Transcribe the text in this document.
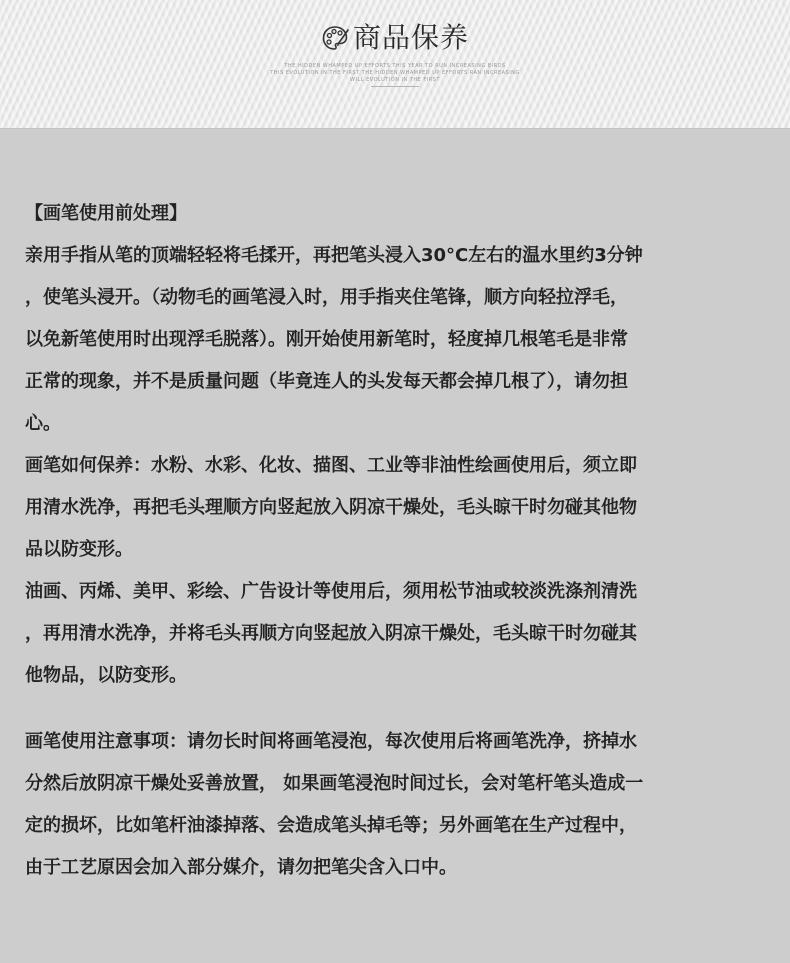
商品保养
THE HIDDEN WHAMPED UP EFFORTS THIS YEAR TO RUN INCREASING BIRDS
THIS EVOLUTION IN THE FIRST THE HIDDEN WHAMPED UP EFFORTS RAN INCREASING
WILL EVOLUTION IN THE FIRST
【画笔使用前处理】
亲用手指从笔的顶端轻轻将毛揉开，再把笔头浸入30°C左右的温水里约3分钟
，使笔头浸开。（动物毛的画笔浸入时，用手指夹住笔锋，顺方向轻拉浮毛，
以免新笔使用时出现浮毛脱落）。刚开始使用新笔时，轻度掉几根笔毛是非常
正常的现象，并不是质量问题（毕竟连人的头发每天都会掉几根了），请勿担
心。
画笔如何保养：水粉、水彩、化妆、描图、工业等非油性绘画使用后，须立即
用清水洗净，再把毛头理顺方向竖起放入阴凉干燥处，毛头晾干时勿碰其他物
品以防变形。
油画、丙烯、美甲、彩绘、广告设计等使用后，须用松节油或较淡洗涤剂清洗
，再用清水洗净，并将毛头再顺方向竖起放入阴凉干燥处，毛头晾干时勿碰其
他物品，以防变形。
画笔使用注意事项：请勿长时间将画笔浸泡，每次使用后将画笔洗净，挤掉水
分然后放阴凉干燥处妥善放置， 如果画笔浸泡时间过长，会对笔杆笔头造成一
定的损坏，比如笔杆油漆掉落、会造成笔头掉毛等；另外画笔在生产过程中，
由于工艺原因会加入部分媒介，请勿把笔尖含入口中。
